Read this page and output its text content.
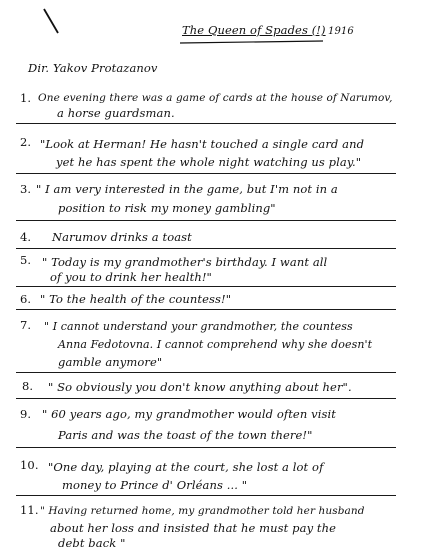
The Queen of Spades (!) 1916
Dir. Yakov Protazanov
1. One evening there was a game of cards at the house of Narumov,
a horse guardsman.
2. "Look at Herman! He hasn't touched a single card and
yet he has spent the whole night watching us play."
3. " I am very interested in the game, but I'm not in a
position to risk my money gambling"
4. Narumov drinks a toast
5. " Today is my grandmother's birthday. I want all
of you to drink her health!"
6. " To the health of the countess!"
7. " I cannot understand your grandmother, the countess
Anna Fedotovna. I cannot comprehend why she doesn't
gamble anymore"
8. " So obviously you don't know anything about her".
9. " 60 years ago, my grandmother would often visit
Paris and was the toast of the town there!"
10. "One day, playing at the court, she lost a lot of
money to Prince d' Orléans ... "
11. " Having returned home, my grandmother told her husband
about her loss and insisted that he must pay the
debt back "
